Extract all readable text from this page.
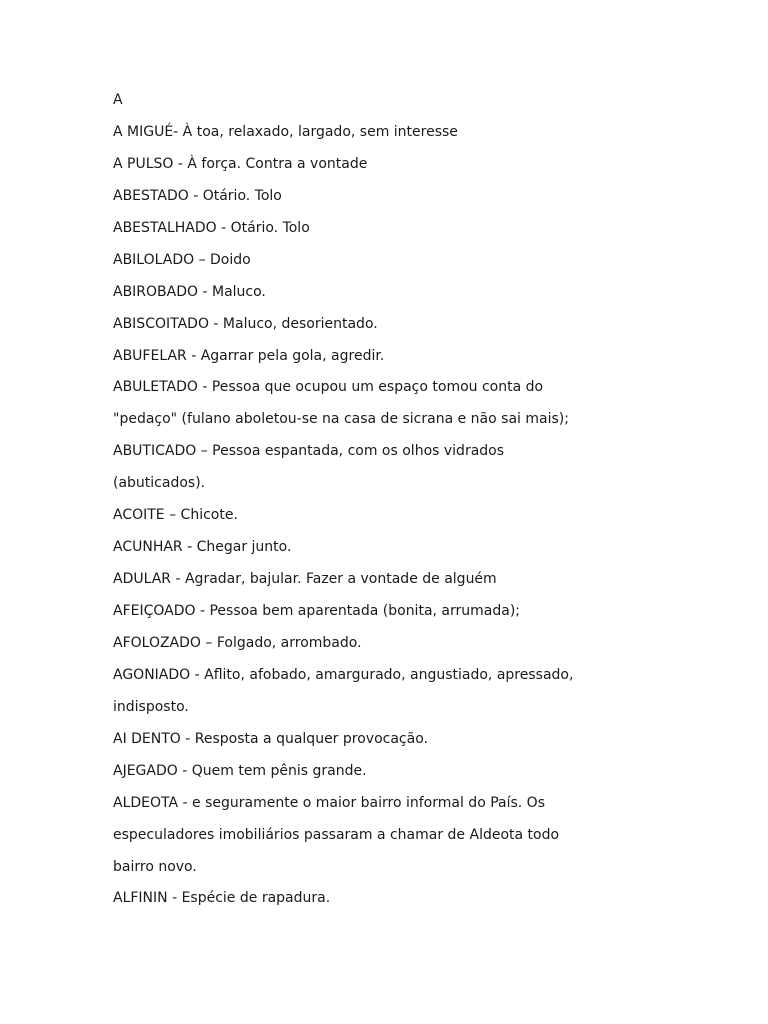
A

A MIGUÉ- À toa, relaxado, largado, sem interesse

A PULSO - À força. Contra a vontade

ABESTADO - Otário. Tolo

ABESTALHADO - Otário. Tolo

ABILOLADO – Doido

ABIROBADO - Maluco.

ABISCOITADO - Maluco, desorientado.

ABUFELAR - Agarrar pela gola, agredir.

ABULETADO - Pessoa que ocupou um espaço tomou conta do

"pedaço" (fulano aboletou-se na casa de sicrana e não sai mais);

ABUTICADO – Pessoa espantada, com os olhos vidrados

(abuticados).

ACOITE – Chicote.

ACUNHAR - Chegar junto.

ADULAR - Agradar, bajular. Fazer a vontade de alguém

AFEIÇOADO - Pessoa bem aparentada (bonita, arrumada);

AFOLOZADO – Folgado, arrombado.

AGONIADO - Aflito, afobado, amargurado, angustiado, apressado,

indisposto.

AI DENTO - Resposta a qualquer provocação.

AJEGADO - Quem tem pênis grande.

ALDEOTA - e seguramente o maior bairro informal do País. Os

especuladores imobiliários passaram a chamar de Aldeota todo

bairro novo.

ALFININ - Espécie de rapadura.
